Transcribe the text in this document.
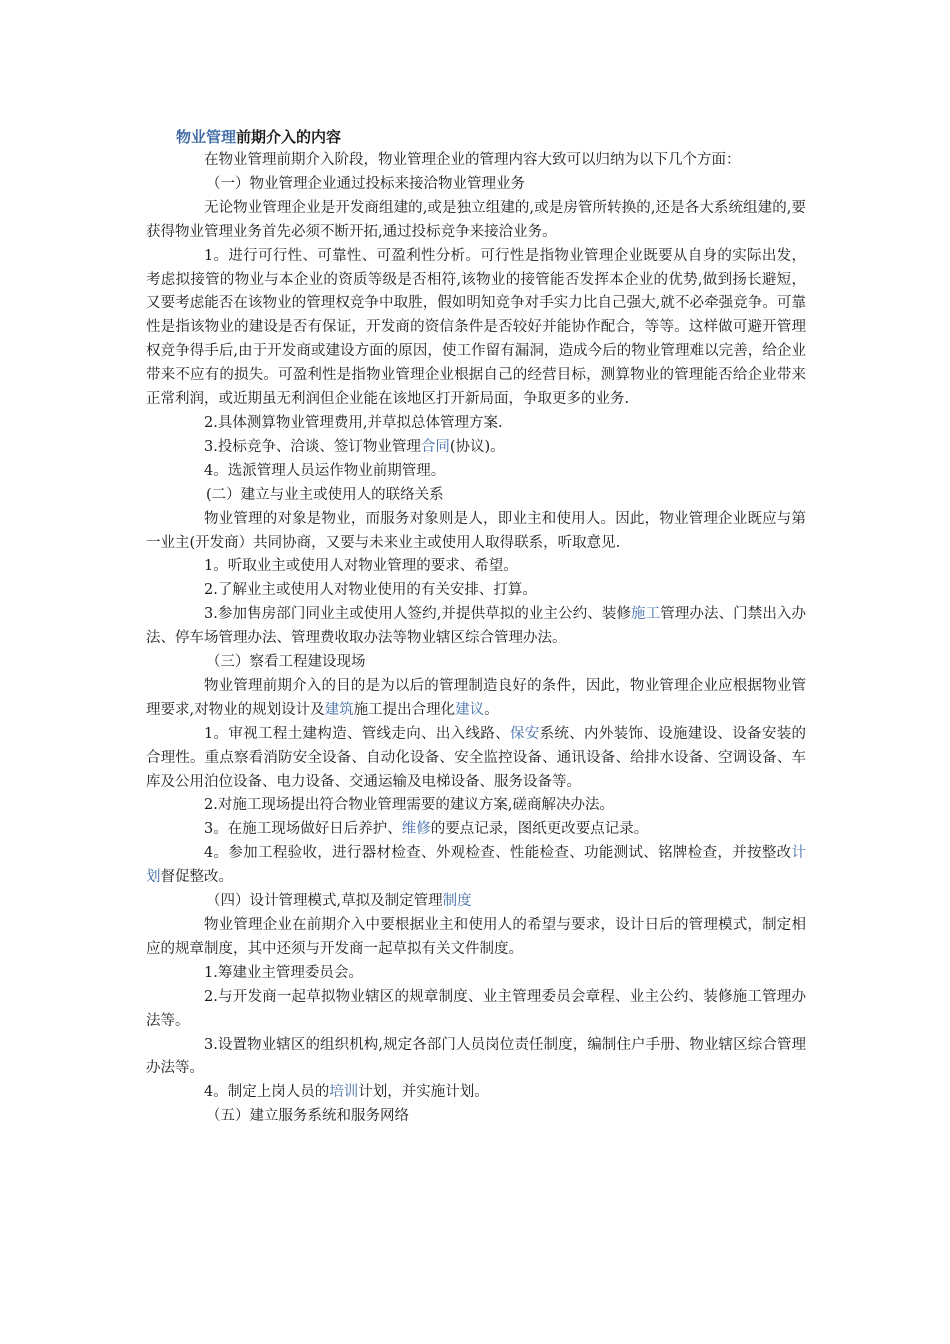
物业管理前期介入的内容

在物业管理前期介入阶段，物业管理企业的管理内容大致可以归纳为以下几个方面：

（一）物业管理企业通过投标来接洽物业管理业务

无论物业管理企业是开发商组建的,或是独立组建的,或是房管所转换的,还是各大系统组建的,要获得物业管理业务首先必须不断开拓,通过投标竞争来接洽业务。

1。进行可行性、可靠性、可盈利性分析。可行性是指物业管理企业既要从自身的实际出发，考虑拟接管的物业与本企业的资质等级是否相符,该物业的接管能否发挥本企业的优势,做到扬长避短，又要考虑能否在该物业的管理权竞争中取胜，假如明知竞争对手实力比自己强大,就不必牵强竞争。可靠性是指该物业的建设是否有保证，开发商的资信条件是否较好并能协作配合，等等。这样做可避开管理权竞争得手后,由于开发商或建设方面的原因，使工作留有漏洞，造成今后的物业管理难以完善，给企业带来不应有的损失。可盈利性是指物业管理企业根据自己的经营目标，测算物业的管理能否给企业带来正常利润，或近期虽无利润但企业能在该地区打开新局面，争取更多的业务.

2.具体测算物业管理费用,并草拟总体管理方案.

3.投标竞争、洽谈、签订物业管理合同(协议)。

4。选派管理人员运作物业前期管理。

(二）建立与业主或使用人的联络关系

物业管理的对象是物业，而服务对象则是人，即业主和使用人。因此，物业管理企业既应与第一业主(开发商）共同协商，又要与未来业主或使用人取得联系，听取意见.

1。听取业主或使用人对物业管理的要求、希望。

2.了解业主或使用人对物业使用的有关安排、打算。

3.参加售房部门同业主或使用人签约,并提供草拟的业主公约、装修施工管理办法、门禁出入办法、停车场管理办法、管理费收取办法等物业辖区综合管理办法。

（三）察看工程建设现场

物业管理前期介入的目的是为以后的管理制造良好的条件，因此，物业管理企业应根据物业管理要求,对物业的规划设计及建筑施工提出合理化建议。

1。审视工程土建构造、管线走向、出入线路、保安系统、内外装饰、设施建设、设备安装的合理性。重点察看消防安全设备、自动化设备、安全监控设备、通讯设备、给排水设备、空调设备、车库及公用泊位设备、电力设备、交通运输及电梯设备、服务设备等。

2.对施工现场提出符合物业管理需要的建议方案,磋商解决办法。

3。在施工现场做好日后养护、维修的要点记录，图纸更改要点记录。

4。参加工程验收，进行器材检查、外观检查、性能检查、功能测试、铭牌检查，并按整改计划督促整改。

（四）设计管理模式,草拟及制定管理制度

物业管理企业在前期介入中要根据业主和使用人的希望与要求，设计日后的管理模式，制定相应的规章制度，其中还须与开发商一起草拟有关文件制度。

1.筹建业主管理委员会。

2.与开发商一起草拟物业辖区的规章制度、业主管理委员会章程、业主公约、装修施工管理办法等。

3.设置物业辖区的组织机构,规定各部门人员岗位责任制度，编制住户手册、物业辖区综合管理办法等。

4。制定上岗人员的培训计划，并实施计划。

（五）建立服务系统和服务网络
